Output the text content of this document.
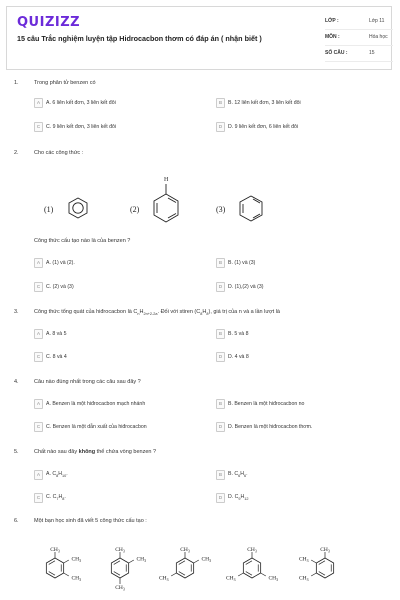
QUIZIZZ
15 câu Trắc nghiệm luyện tập Hidrocacbon thơm có đáp án ( nhận biết )
LỚP :	Lớp 11
MÔN :	Hóa học
SỐ CÂU :	15
1.	Trong phân tử benzen có
A A. 6 liên kết đơn, 3 liên kết đôi	B B. 12 liên kết đơn, 3 liên kết đôi
C C. 9 liên kết đơn, 3 liên kết đôi	D D. 9 liên kết đơn, 6 liên kết đôi
2.	Cho các công thức :
(1)	(2)
H
(3)
Công thức cấu tạo nào là của benzen ?
A A. (1) và (2).	B B. (1) và (3)
C C. (2) và (3)	D D. (1),(2) và (3)
3.	Công thức tổng quát của hiđrocacbon là $C_nH_{2n+2-2a}$. Đối với stiren $(C_8H_8)$, giá trị của n và a lần lượt là
A A. 8 và 5	B B. 5 và 8
C C. 8 và 4	D D. 4 và 8
4.	Câu nào đúng nhất trong các câu sau đây ?
A A. Benzen là một hiđrocacbon mạch nhánh	B B. Benzen là một hiđrocacbon no
C C. Benzen là một dẫn xuất của hiđrocacbon	D D. Benzen là một hiđrocacbon thơm.
5.	Chất nào sau đây không thể chứa vòng benzen ?
A A. $C_8H_{10}$.	B B. $C_6H_6$.
C C. $C_7H_8$.	D D. $C_9H_{12}$
6.	Một bạn học sinh đã viết 5 công thức cấu tạo :
$CH_3$
$CH_3$
$CH_3$
$CH_3$
$CH_3$
$CH_3$
$CH_3$
$CH_3$
$CH_3$
$CH_3$
$CH_3$
$CH_3$
$CH_3$
$CH_3$
$CH_3$
